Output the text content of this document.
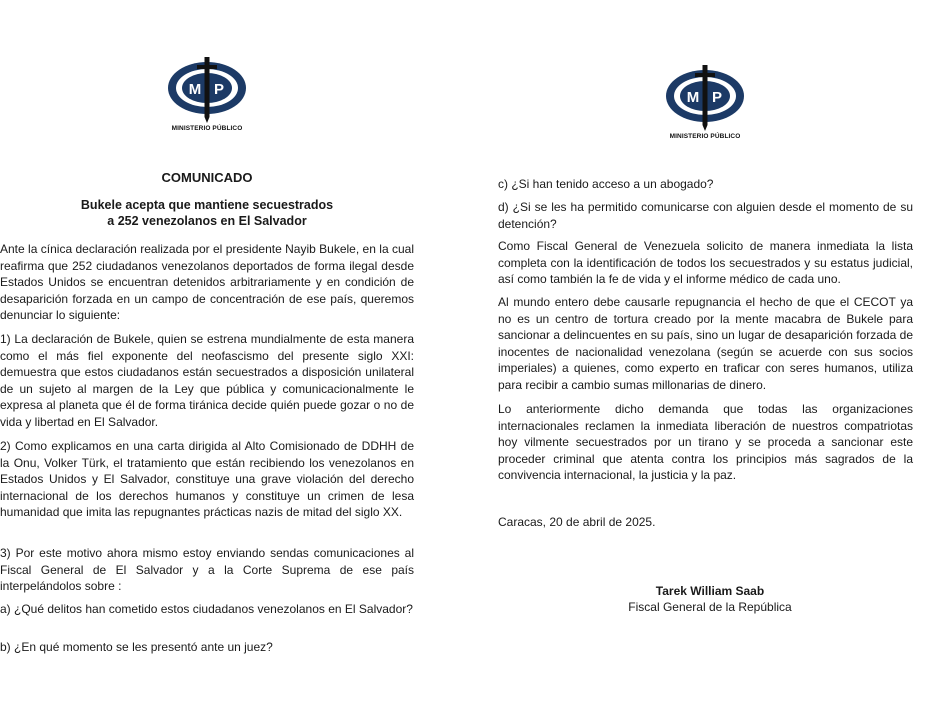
M P
MINISTERIO PÚBLICO

COMUNICADO

Bukele acepta que mantiene secuestrados

a 252 venezolanos en El Salvador

Ante la cínica declaración realizada por el presidente Nayib Bukele, en la cual reafirma que 252 ciudadanos venezolanos deportados de forma ilegal desde Estados Unidos se encuentran detenidos arbitrariamente y en condición de desaparición forzada en un campo de concentración de ese país, queremos denunciar lo siguiente:

1) La declaración de Bukele, quien se estrena mundialmente de esta manera como el más fiel exponente del neofascismo del presente siglo XXI: demuestra que estos ciudadanos están secuestrados a disposición unilateral de un sujeto al margen de la Ley que pública y comunicacionalmente le expresa al planeta que él de forma tiránica decide quién puede gozar o no de vida y libertad en El Salvador.

2) Como explicamos en una carta dirigida al Alto Comisionado de DDHH de la Onu, Volker Türk, el tratamiento que están recibiendo los venezolanos en Estados Unidos y El Salvador, constituye una grave violación del derecho internacional de los derechos humanos y constituye un crimen de lesa humanidad que imita las repugnantes prácticas nazis de mitad del siglo XX.

3) Por este motivo ahora mismo estoy enviando sendas comunicaciones al Fiscal General de El Salvador y a la Corte Suprema de ese país interpelándolos sobre :

a) ¿Qué delitos han cometido estos ciudadanos venezolanos en El Salvador?

b) ¿En qué momento se les presentó ante un juez?

M P
MINISTERIO PÚBLICO

c) ¿Si han tenido acceso a un abogado?

d) ¿Si se les ha permitido comunicarse con alguien desde el momento de su detención?

Como Fiscal General de Venezuela solicito de manera inmediata la lista completa con la identificación de todos los secuestrados y su estatus judicial, así como también la fe de vida y el informe médico de cada uno.

Al mundo entero debe causarle repugnancia el hecho de que el CECOT ya no es un centro de tortura creado por la mente macabra de Bukele para sancionar a delincuentes en su país, sino un lugar de desaparición forzada de inocentes de nacionalidad venezolana (según se acuerde con sus socios imperiales) a quienes, como experto en traficar con seres humanos, utiliza para recibir a cambio sumas millonarias de dinero.

Lo anteriormente dicho demanda que todas las organizaciones internacionales reclamen la inmediata liberación de nuestros compatriotas hoy vilmente secuestrados por un tirano y se proceda a sancionar este proceder criminal que atenta contra los principios más sagrados de la convivencia internacional, la justicia y la paz.

Caracas, 20 de abril de 2025.

Tarek William Saab

Fiscal General de la República
